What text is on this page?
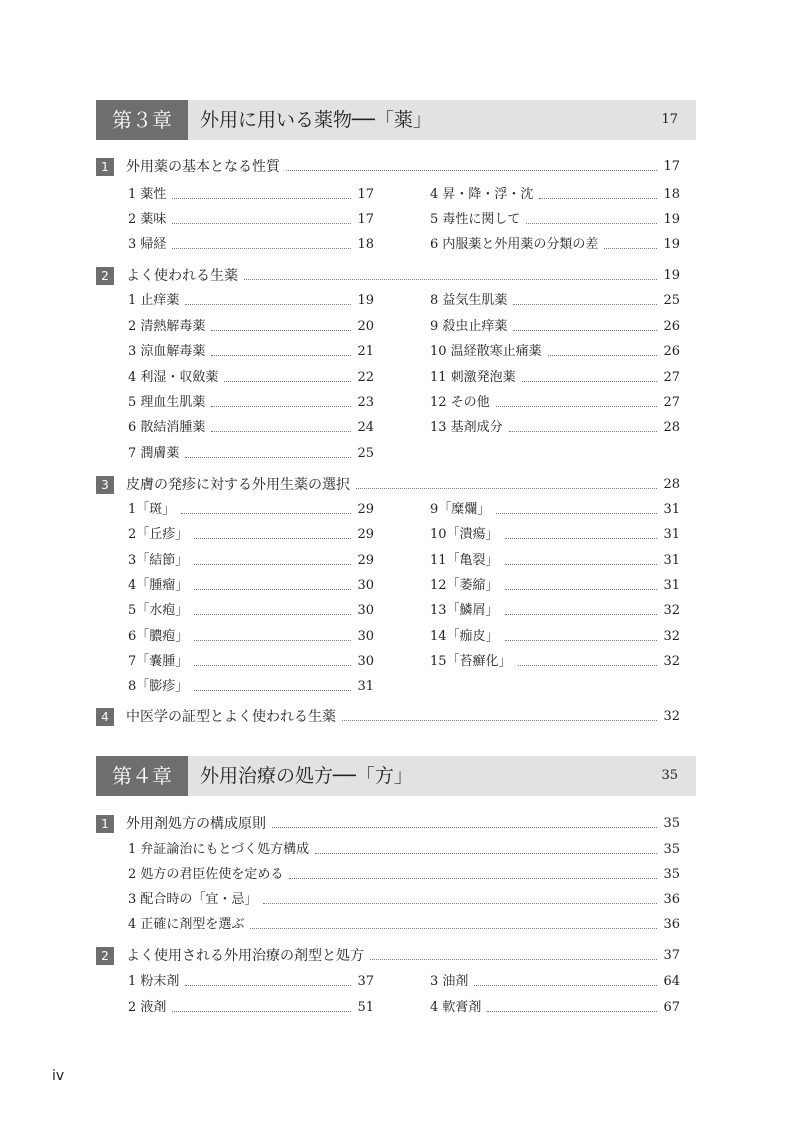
第３章	外用に用いる薬物──「薬」	17
1	外用薬の基本となる性質	17
1 薬性	17
2 薬味	17
3 帰経	18
4 昇・降・浮・沈	18
5 毒性に関して	19
6 内服薬と外用薬の分類の差	19
2	よく使われる生薬	19
1 止痒薬	19
2 清熱解毒薬	20
3 涼血解毒薬	21
4 利湿・収斂薬	22
5 理血生肌薬	23
6 散結消腫薬	24
7 潤膚薬	25
8 益気生肌薬	25
9 殺虫止痒薬	26
10 温経散寒止痛薬	26
11 刺激発泡薬	27
12 その他	27
13 基剤成分	28
3	皮膚の発疹に対する外用生薬の選択	28
1「斑」	29
2「丘疹」	29
3「結節」	29
4「腫瘤」	30
5「水疱」	30
6「膿疱」	30
7「嚢腫」	30
8「膨疹」	31
9「糜爛」	31
10「潰瘍」	31
11「亀裂」	31
12「萎縮」	31
13「鱗屑」	32
14「痂皮」	32
15「苔癬化」	32
4	中医学の証型とよく使われる生薬	32
第４章	外用治療の処方──「方」	35
1	外用剤処方の構成原則	35
1 弁証論治にもとづく処方構成	35
2 処方の君臣佐使を定める	35
3 配合時の「宜・忌」	36
4 正確に剤型を選ぶ	36
2	よく使用される外用治療の剤型と処方	37
1 粉末剤	37
2 液剤	51
3 油剤	64
4 軟膏剤	67
iv
